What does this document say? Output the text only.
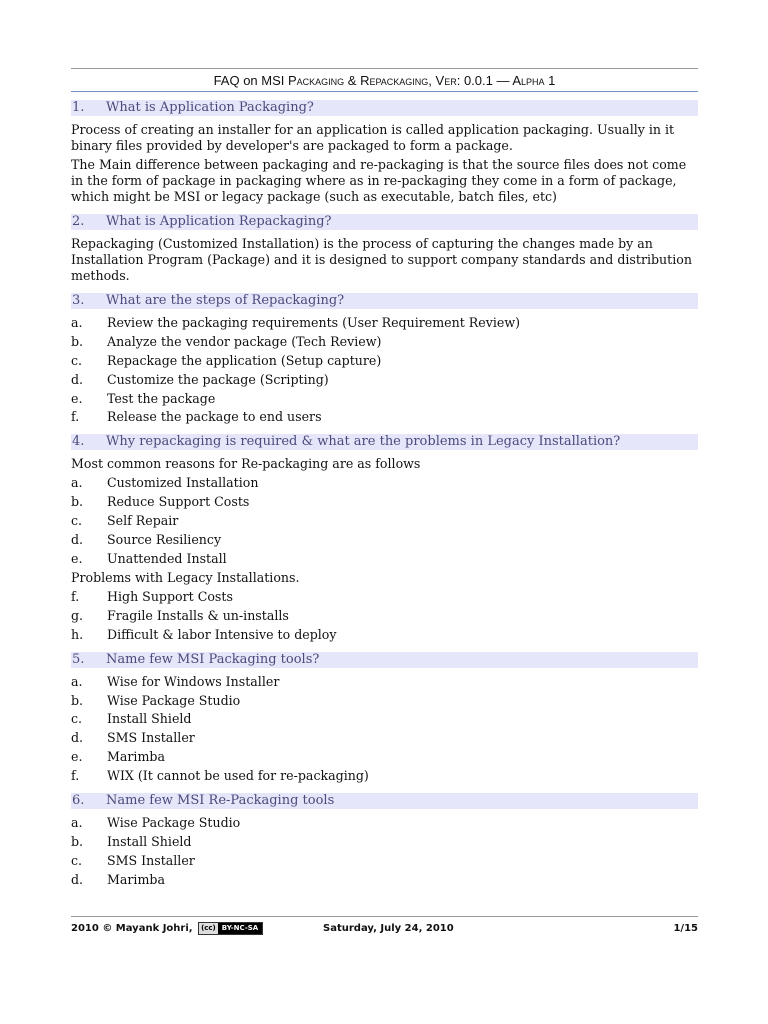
FAQ on MSI Packaging & Repackaging, Ver: 0.0.1 — Alpha 1
1. What is Application Packaging?
Process of creating an installer for an application is called application packaging. Usually in it binary files provided by developer's are packaged to form a package.
The Main difference between packaging and re-packaging is that the source files does not come in the form of package in packaging where as in re-packaging they come in a form of package, which might be MSI or legacy package (such as executable, batch files, etc)
2. What is Application Repackaging?
Repackaging (Customized Installation) is the process of capturing the changes made by an Installation Program (Package) and it is designed to support company standards and distribution methods.
3. What are the steps of Repackaging?
a. Review the packaging requirements (User Requirement Review)
b. Analyze the vendor package (Tech Review)
c. Repackage the application (Setup capture)
d. Customize the package (Scripting)
e. Test the package
f. Release the package to end users
4. Why repackaging is required & what are the problems in Legacy Installation?
Most common reasons for Re-packaging are as follows
a. Customized Installation
b. Reduce Support Costs
c. Self Repair
d. Source Resiliency
e. Unattended Install
Problems with Legacy Installations.
f. High Support Costs
g. Fragile Installs & un-installs
h. Difficult & labor Intensive to deploy
5. Name few MSI Packaging tools?
a. Wise for Windows Installer
b. Wise Package Studio
c. Install Shield
d. SMS Installer
e. Marimba
f. WIX (It cannot be used for re-packaging)
6. Name few MSI Re-Packaging tools
a. Wise Package Studio
b. Install Shield
c. SMS Installer
d. Marimba
2010 © Mayank Johri, (cc) BY-NC-SA	Saturday, July 24, 2010	1/15
